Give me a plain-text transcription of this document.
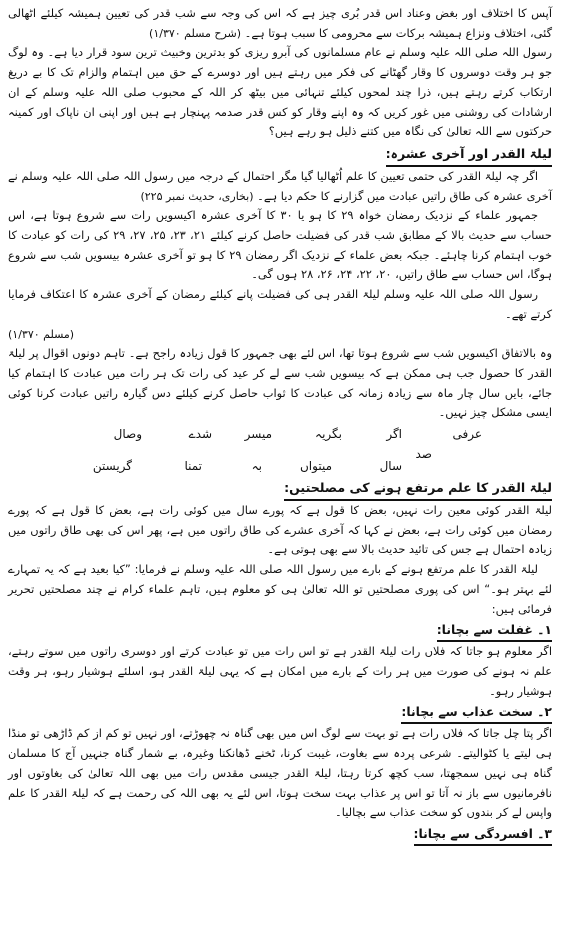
آپس کا اختلاف اور بغض وعناد اس قدر بُری چیز ہے کہ اس کی وجہ سے شب قدر کی تعیین ہمیشہ کیلئے اٹھالی گئی، اختلاف ونزاع ہمیشہ برکات سے محرومی کا سبب ہوتا ہے۔ (شرح مسلم ۱/۳۷۰)

رسول اللہ صلی اللہ علیہ وسلم نے عام مسلمانوں کی آبرو ریزی کو بدترین وخبیث ترین سود قرار دیا ہے۔ وہ لوگ جو ہر وقت دوسروں کا وقار گھٹانے کی فکر میں رہتے ہیں اور دوسرے کے حق میں اہتمام والزام تک کا بے دریغ ارتکاب کرتے رہتے ہیں، ذرا چند لمحوں کیلئے تنہائی میں بیٹھ کر اللہ کے محبوب صلی اللہ علیہ وسلم کے ان ارشادات کی روشنی میں غور کریں کہ وہ اپنے وقار کو کس قدر صدمہ پہنچار ہے ہیں اور اپنی ان ناپاک اور کمینہ حرکتوں سے اللہ تعالیٰ کی نگاہ میں کتنے ذلیل ہو رہے ہیں؟

لیلۃ القدر اور آخری عشرہ:

اگر چہ لیلۃ القدر کی حتمی تعیین کا علم اُٹھالیا گیا مگر احتمال کے درجہ میں رسول اللہ صلی اللہ علیہ وسلم نے آخری عشرہ کی طاق راتیں عبادت میں گزارنے کا حکم دیا ہے۔ (بخاری، حدیث نمبر ۲۲۵)

جمہور علماء کے نزدیک رمضان خواہ ۲۹ کا ہو یا ۳۰ کا آخری عشرہ اکیسویں رات سے شروع ہوتا ہے، اس حساب سے حدیث بالا کے مطابق شب قدر کی فضیلت حاصل کرنے کیلئے ۲۱، ۲۳، ۲۵، ۲۷، ۲۹ کی رات کو عبادت کا خوب اہتمام کرنا چاہئے۔ جبکہ بعض علماء کے نزدیک اگر رمضان ۲۹ کا ہو تو آخری عشرہ بیسویں شب سے شروع ہوگا، اس حساب سے طاق راتیں، ۲۰، ۲۲، ۲۴، ۲۶، ۲۸ ہوں گی۔

رسول اللہ صلی اللہ علیہ وسلم لیلۃ القدر ہی کی فضیلت پانے کیلئے رمضان کے آخری عشرہ کا اعتکاف فرمایا کرتے تھے۔

(مسلم ۱/۳۷۰)

وہ بالاتفاق اکیسویں شب سے شروع ہوتا تھا، اس لئے بھی جمہور کا قول زیادہ راجح ہے۔ تاہم دونوں اقوال پر لیلۃ القدر کا حصول جب ہی ممکن ہے کہ بیسویں شب سے لے کر عید کی رات تک ہر رات میں عبادت کا اہتمام کیا جائے، بایں سال چار ماہ سے زیادہ زمانہ کی عبادت کا ثواب حاصل کرنے کیلئے دس گیارہ راتیں عبادت کرنا کوئی ایسی مشکل چیز نہیں۔

عرفی
اگر
بگریہ
میسر
شدے
وصال
صد
سال
میتواں
بہ
تمنا
گریستن
لیلۃ القدر کا علم مرتفع ہونے کی مصلحتیں:

لیلۃ القدر کوئی معین رات نہیں، بعض کا قول ہے کہ پورے سال میں کوئی رات ہے، بعض کا قول ہے کہ پورے رمضان میں کوئی رات ہے، بعض نے کہا کہ آخری عشرے کی طاق راتوں میں ہے، پھر اس کی بھی طاق راتوں میں زیادہ احتمال ہے جس کی تائید حدیث بالا سے بھی ہوتی ہے۔

لیلۃ القدر کا علم مرتفع ہونے کے بارے میں رسول اللہ صلی اللہ علیہ وسلم نے فرمایا: ”کیا بعید ہے کہ یہ تمہارے لئے بہتر ہو۔“ اس کی پوری مصلحتیں تو اللہ تعالیٰ ہی کو معلوم ہیں، تاہم علماء کرام نے چند مصلحتیں تحریر فرمائی ہیں:

۱۔ غفلت سے بچانا:

اگر معلوم ہو جاتا کہ فلاں رات لیلۃ القدر ہے تو اس رات میں تو عبادت کرتے اور دوسری راتوں میں سوتے رہتے، علم نہ ہونے کی صورت میں ہر رات کے بارے میں امکان ہے کہ یہی لیلۃ القدر ہو، اسلئے ہوشیار رہو، ہر وقت ہوشیار رہو۔

۲۔ سخت عذاب سے بچانا:

اگر پتا چل جاتا کہ فلاں رات ہے تو بہت سے لوگ اس میں بھی گناہ نہ چھوڑتے، اور نہیں تو کم از کم ڈاڑھی تو منڈا ہی لیتے یا کٹوالیتے۔ شرعی پردہ سے بغاوت، غیبت کرنا، ٹخنے ڈھانکنا وغیرہ، بے شمار گناہ جنہیں آج کا مسلمان گناہ ہی نہیں سمجھتا، سب کچھ کرتا رہتا، لیلۃ القدر جیسی مقدس رات میں بھی اللہ تعالیٰ کی بغاوتوں اور نافرمانیوں سے باز نہ آتا تو اس پر عذاب بہت سخت ہوتا، اس لئے یہ بھی اللہ کی رحمت ہے کہ لیلۃ القدر کا علم واپس لے کر بندوں کو سخت عذاب سے بچالیا۔

۳۔ افسردگی سے بچانا:
